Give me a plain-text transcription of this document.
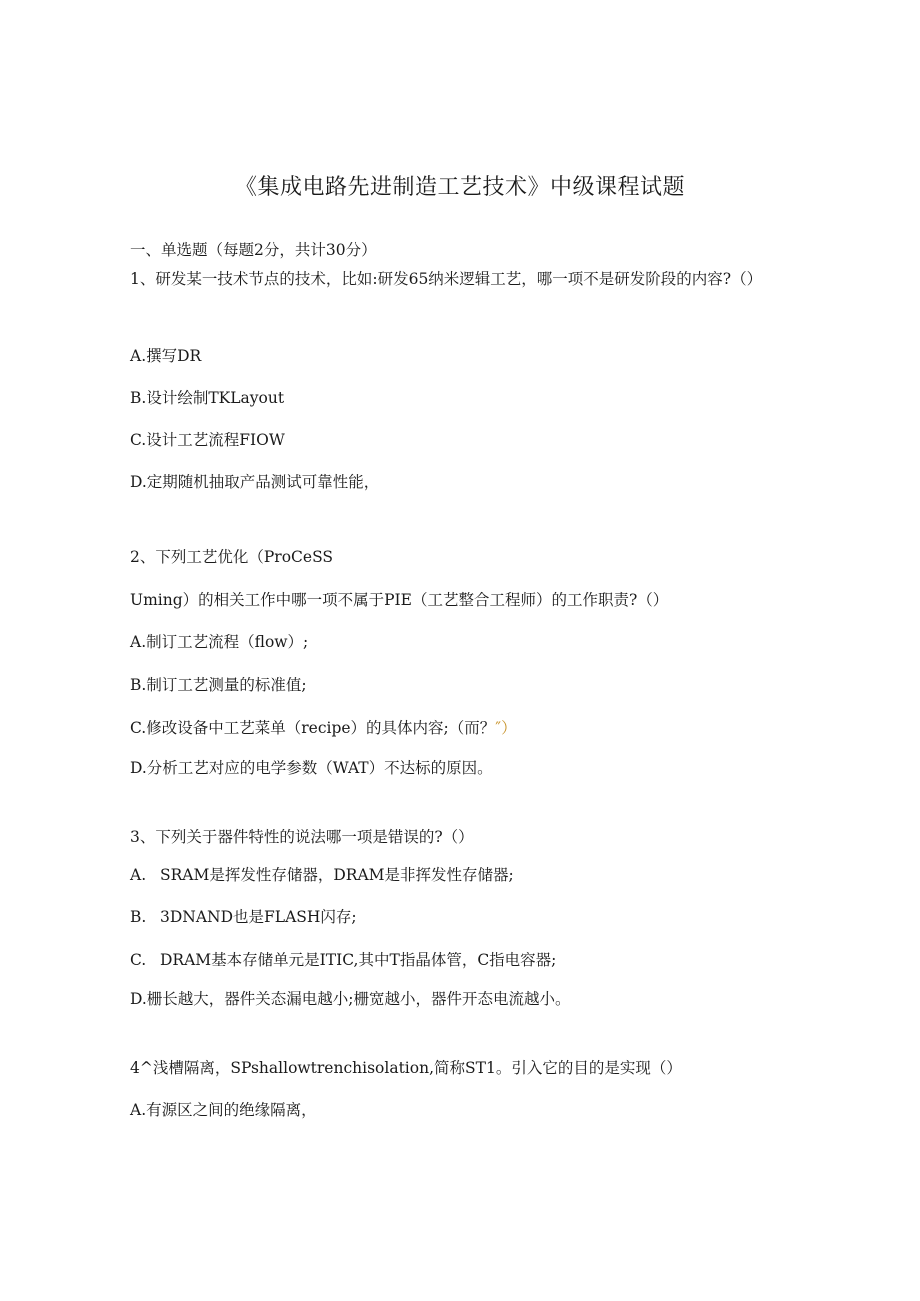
《集成电路先进制造工艺技术》中级课程试题

一、单选题（每题2分，共计30分）

1、研发某一技术节点的技术，比如:研发65纳米逻辑工艺，哪一项不是研发阶段的内容?（）

A.撰写DR

B.设计绘制TKLayout

C.设计工艺流程FIOW

D.定期随机抽取产品测试可靠性能，

2、下列工艺优化（ProCeSS

Uming）的相关工作中哪一项不属于PIE（工艺整合工程师）的工作职责?（）

A.制订工艺流程（flow）;

B.制订工艺测量的标准值;

C.修改设备中工艺菜单（recipe）的具体内容;（而？″）

D.分析工艺对应的电学参数（WAT）不达标的原因。

3、下列关于器件特性的说法哪一项是错误的?（）

A. SRAM是挥发性存储器，DRAM是非挥发性存储器;

B. 3DNAND也是FLASH闪存;

C. DRAM基本存储单元是ITIC,其中T指晶体管，C指电容器;

D.栅长越大，器件关态漏电越小;栅宽越小，器件开态电流越小。

4^浅槽隔离，SPshallowtrenchisolation,简称ST1。引入它的目的是实现（）

A.有源区之间的绝缘隔离，
